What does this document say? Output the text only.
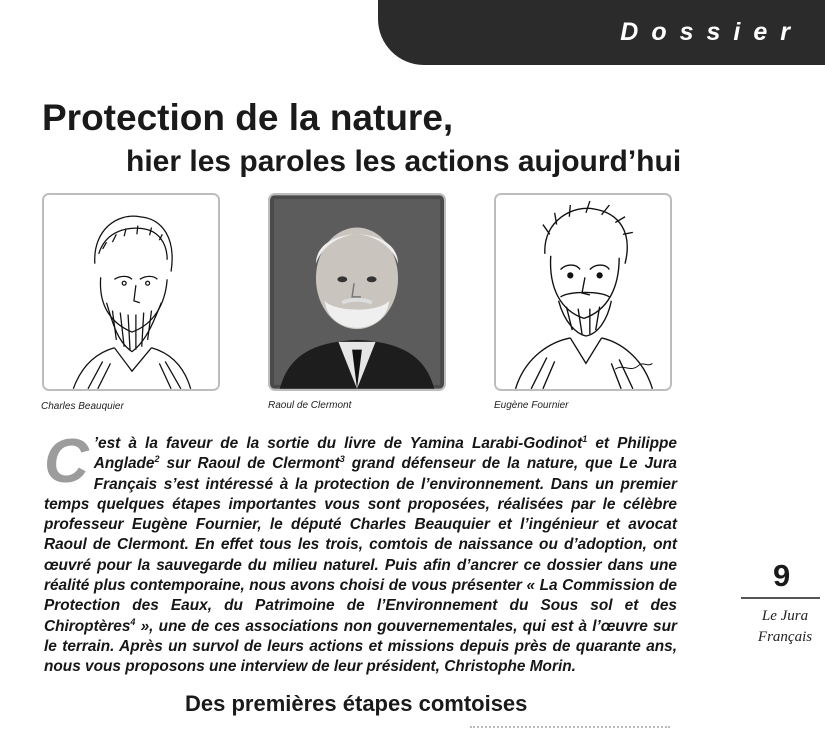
Dossier
Protection de la nature,
hier les paroles les actions aujourd’hui
Charles Beauquier	Raoul de Clermont	Eugène Fournier

C ’est à la faveur de la sortie du livre de Yamina Larabi-Godinot$^1$ et Philippe Anglade$^2$ sur Raoul de Clermont$^3$ grand défenseur de la nature, que Le Jura Français s’est intéressé à la protection de l’environnement. Dans un premier temps quelques étapes importantes vous sont proposées, réalisées par le célèbre professeur Eugène Fournier, le député Charles Beauquier et l’ingénieur et avocat Raoul de Clermont. En effet tous les trois, comtois de naissance ou d’adoption, ont œuvré pour la sauvegarde du milieu naturel. Puis afin d’ancrer ce dossier dans une réalité plus contemporaine, nous avons choisi de vous présenter « La Commission de Protection des Eaux, du Patrimoine de l’Environnement du Sous sol et des Chiroptères$^4$ », une de ces associations non gouvernementales, qui est à l’œuvre sur le terrain. Après un survol de leurs actions et missions depuis près de quarante ans, nous vous proposons une interview de leur président, Christophe Morin.

Des premières étapes comtoises
9
Le Jura
Français
